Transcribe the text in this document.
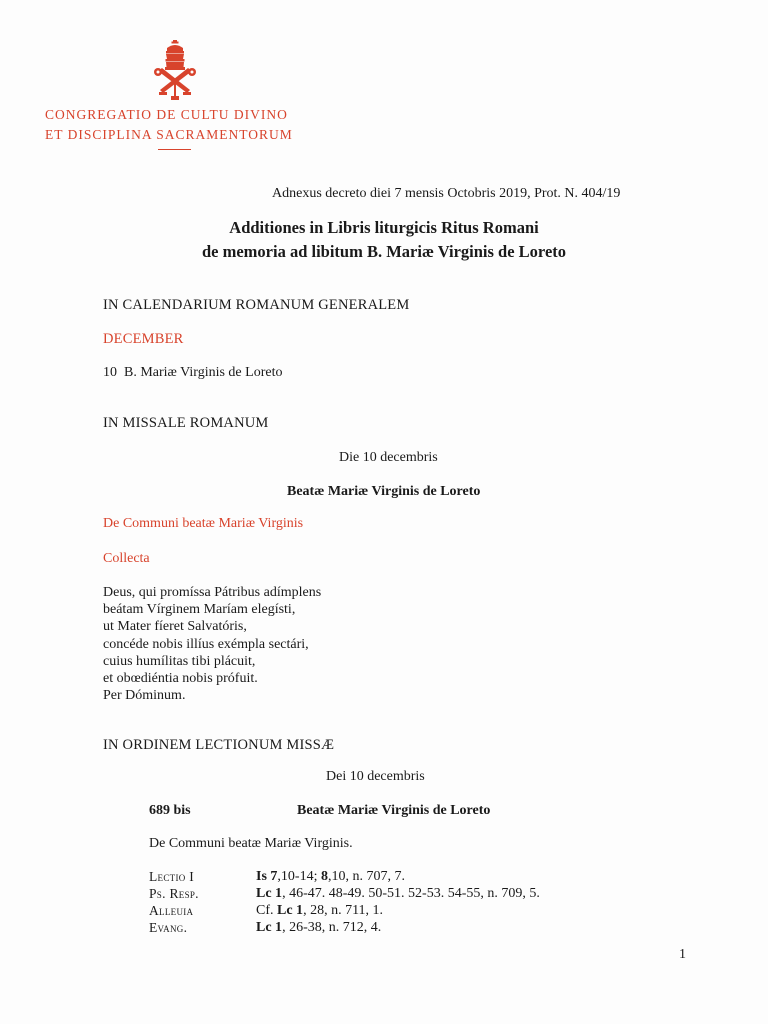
CONGREGATIO DE CULTU DIVINO
ET DISCIPLINA SACRAMENTORUM
Adnexus decreto diei 7 mensis Octobris 2019, Prot. N. 404/19
Additiones in Libris liturgicis Ritus Romani
de memoria ad libitum B. Mariæ Virginis de Loreto
IN CALENDARIUM ROMANUM GENERALEM
DECEMBER
10  B. Mariæ Virginis de Loreto
IN MISSALE ROMANUM
Die 10 decembris
Beatæ Mariæ Virginis de Loreto
De Communi beatæ Mariæ Virginis
Collecta
Deus, qui promíssa Pátribus adímplens
beátam Vírginem Maríam elegísti,
ut Mater fíeret Salvatóris,
concéde nobis illíus exémpla sectári,
cuius humílitas tibi plácuit,
et obœdiéntia nobis prófuit.
Per Dóminum.
IN ORDINEM LECTIONUM MISSÆ
Dei 10 decembris
689 bis	Beatæ Mariæ Virginis de Loreto
De Communi beatæ Mariæ Virginis.
Lectio I	Is 7,10-14; 8,10, n. 707, 7.
Ps. Resp.	Lc 1, 46-47. 48-49. 50-51. 52-53. 54-55, n. 709, 5.
Alleuia	Cf. Lc 1, 28, n. 711, 1.
Evang.	Lc 1, 26-38, n. 712, 4.
1
